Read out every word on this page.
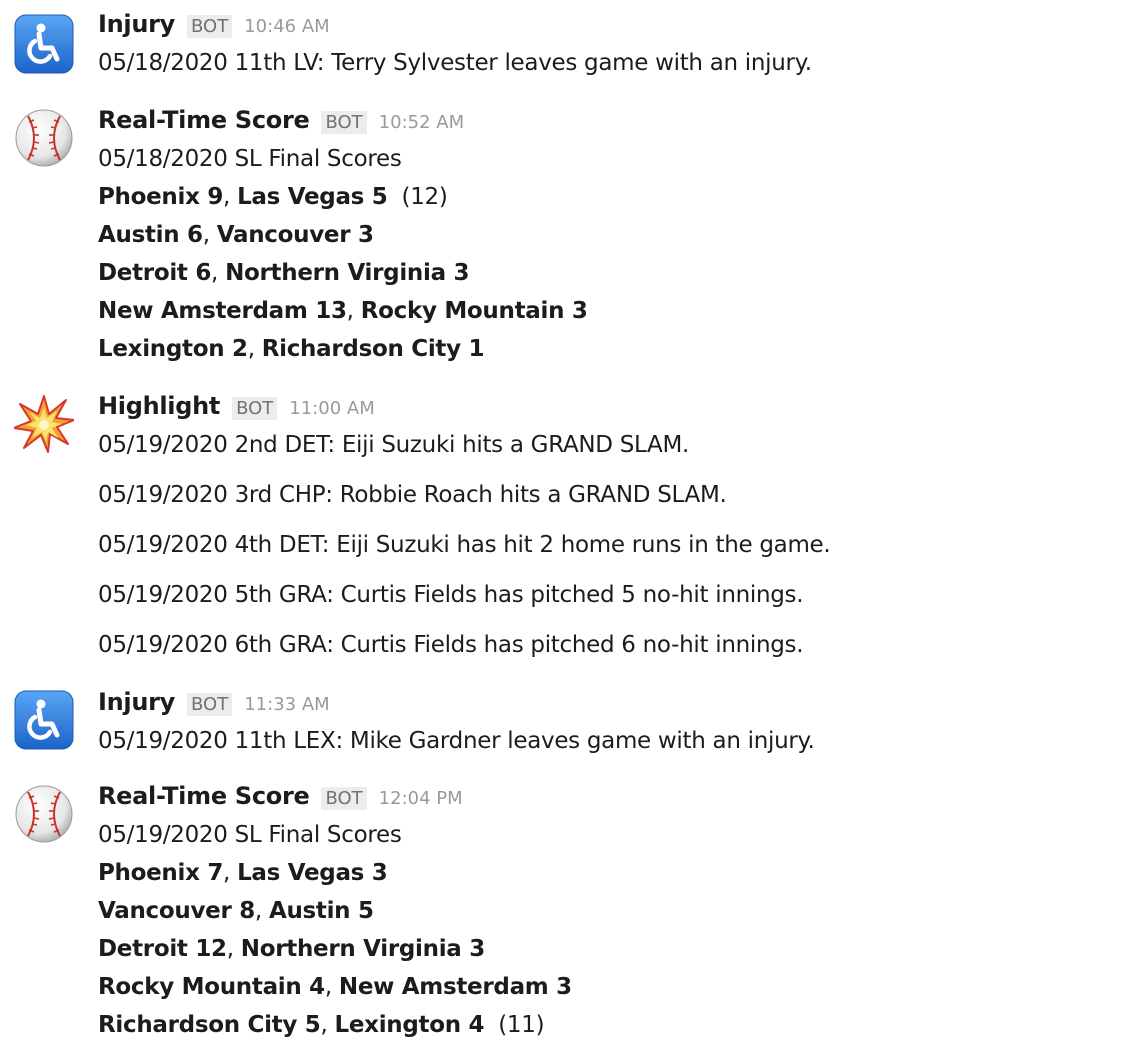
Injury BOT 10:46 AM
05/18/2020 11th LV: Terry Sylvester leaves game with an injury.
Real-Time Score BOT 10:52 AM
05/18/2020 SL Final Scores
Phoenix 9, Las Vegas 5 (12)
Austin 6, Vancouver 3
Detroit 6, Northern Virginia 3
New Amsterdam 13, Rocky Mountain 3
Lexington 2, Richardson City 1
Highlight BOT 11:00 AM
05/19/2020 2nd DET: Eiji Suzuki hits a GRAND SLAM.
05/19/2020 3rd CHP: Robbie Roach hits a GRAND SLAM.
05/19/2020 4th DET: Eiji Suzuki has hit 2 home runs in the game.
05/19/2020 5th GRA: Curtis Fields has pitched 5 no-hit innings.
05/19/2020 6th GRA: Curtis Fields has pitched 6 no-hit innings.
Injury BOT 11:33 AM
05/19/2020 11th LEX: Mike Gardner leaves game with an injury.
Real-Time Score BOT 12:04 PM
05/19/2020 SL Final Scores
Phoenix 7, Las Vegas 3
Vancouver 8, Austin 5
Detroit 12, Northern Virginia 3
Rocky Mountain 4, New Amsterdam 3
Richardson City 5, Lexington 4 (11)
